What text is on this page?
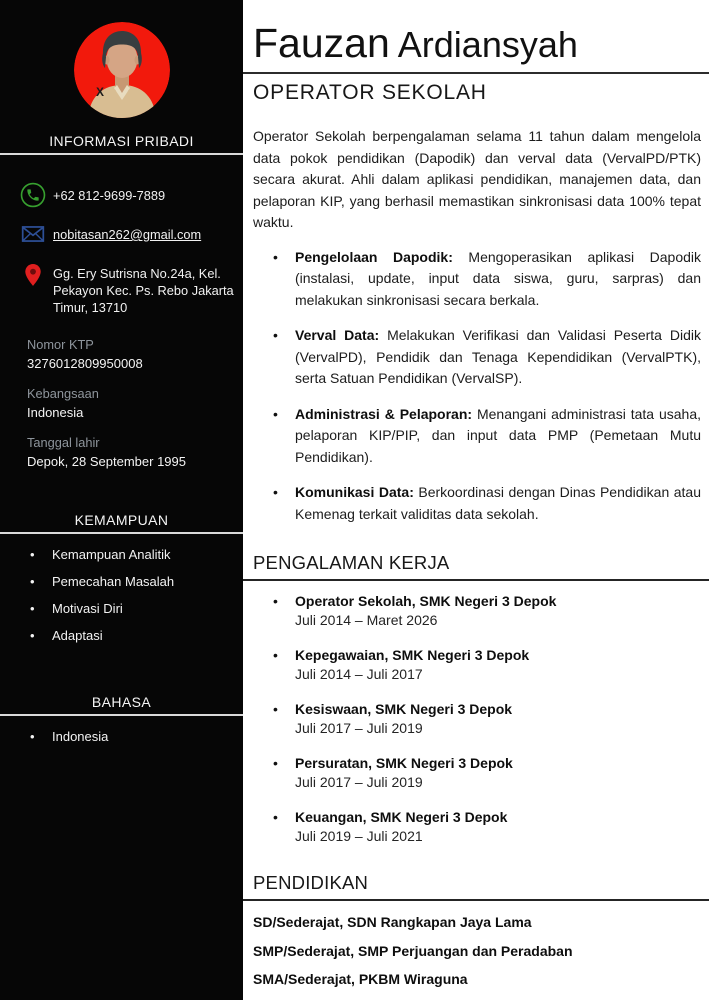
X
INFORMASI PRIBADI
+62 812-9699-7889
nobitasan262@gmail.com
Gg. Ery Sutrisna No.24a, Kel. Pekayon Kec. Ps. Rebo Jakarta Timur, 13710
Nomor KTP
3276012809950008
Kebangsaan
Indonesia
Tanggal lahir
Depok, 28 September 1995
KEMAMPUAN
• Kemampuan Analitik
• Pemecahan Masalah
• Motivasi Diri
• Adaptasi
BAHASA
• Indonesia
Fauzan Ardiansyah
OPERATOR SEKOLAH

Operator Sekolah berpengalaman selama 11 tahun dalam mengelola data pokok pendidikan (Dapodik) dan verval data (VervalPD/PTK) secara akurat. Ahli dalam aplikasi pendidikan, manajemen data, dan pelaporan KIP, yang berhasil memastikan sinkronisasi data 100% tepat waktu.

• Pengelolaan Dapodik: Mengoperasikan aplikasi Dapodik (instalasi, update, input data siswa, guru, sarpras) dan melakukan sinkronisasi secara berkala.
• Verval Data: Melakukan Verifikasi dan Validasi Peserta Didik (VervalPD), Pendidik dan Tenaga Kependidikan (VervalPTK), serta Satuan Pendidikan (VervalSP).
• Administrasi & Pelaporan: Menangani administrasi tata usaha, pelaporan KIP/PIP, dan input data PMP (Pemetaan Mutu Pendidikan).
• Komunikasi Data: Berkoordinasi dengan Dinas Pendidikan atau Kemenag terkait validitas data sekolah.
PENGALAMAN KERJA
• Operator Sekolah, SMK Negeri 3 Depok
Juli 2014 – Maret 2026
• Kepegawaian, SMK Negeri 3 Depok
Juli 2014 – Juli 2017
• Kesiswaan, SMK Negeri 3 Depok
Juli 2017 – Juli 2019
• Persuratan, SMK Negeri 3 Depok
Juli 2017 – Juli 2019
• Keuangan, SMK Negeri 3 Depok
Juli 2019 – Juli 2021
PENDIDIKAN
SD/Sederajat, SDN Rangkapan Jaya Lama
SMP/Sederajat, SMP Perjuangan dan Peradaban
SMA/Sederajat, PKBM Wiraguna
